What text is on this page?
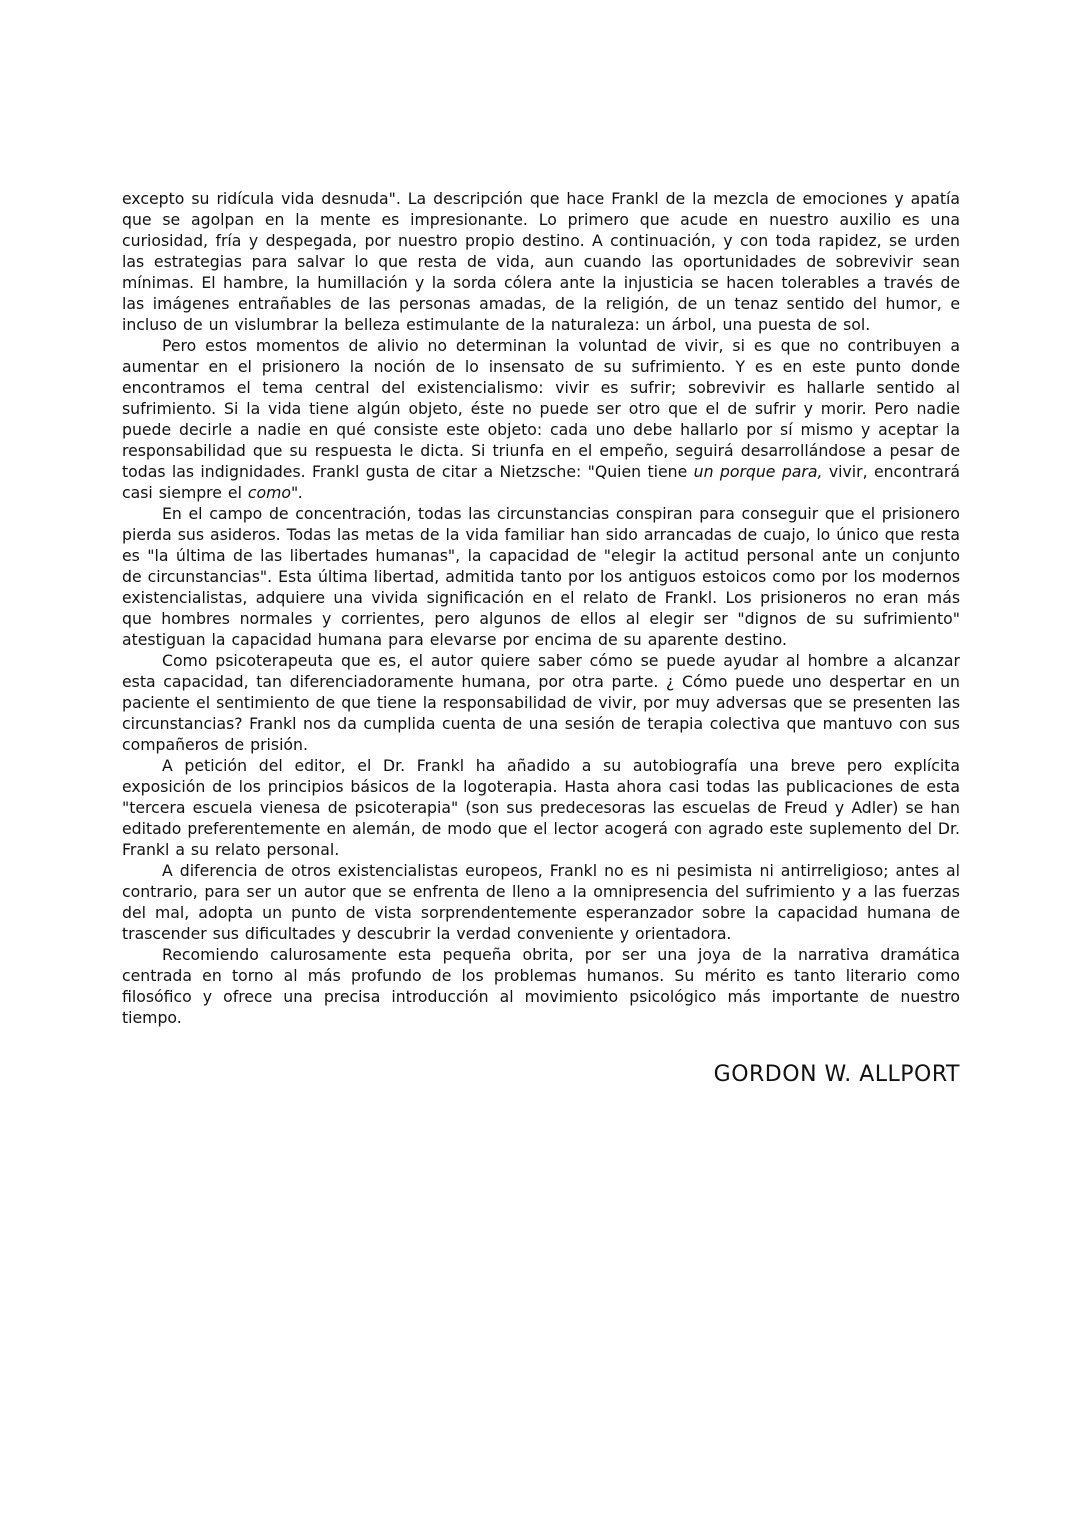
excepto su ridícula vida desnuda". La descripción que hace Frankl de la mezcla de emociones y apatía que se agolpan en la mente es impresionante. Lo primero que acude en nuestro auxilio es una curiosidad, fría y despegada, por nuestro propio destino. A continuación, y con toda rapidez, se urden las estrategias para salvar lo que resta de vida, aun cuando las oportunidades de sobrevivir sean mínimas. El hambre, la humillación y la sorda cólera ante la injusticia se hacen tolerables a través de las imágenes entrañables de las personas amadas, de la religión, de un tenaz sentido del humor, e incluso de un vislumbrar la belleza estimulante de la naturaleza: un árbol, una puesta de sol.

Pero estos momentos de alivio no determinan la voluntad de vivir, si es que no contribuyen a aumentar en el prisionero la noción de lo insensato de su sufrimiento. Y es en este punto donde encontramos el tema central del existencialismo: vivir es sufrir; sobrevivir es hallarle sentido al sufrimiento. Si la vida tiene algún objeto, éste no puede ser otro que el de sufrir y morir. Pero nadie puede decirle a nadie en qué consiste este objeto: cada uno debe hallarlo por sí mismo y aceptar la responsabilidad que su respuesta le dicta. Si triunfa en el empeño, seguirá desarrollándose a pesar de todas las indignidades. Frankl gusta de citar a Nietzsche: "Quien tiene un porque para, vivir, encontrará casi siempre el como".

En el campo de concentración, todas las circunstancias conspiran para conseguir que el prisionero pierda sus asideros. Todas las metas de la vida familiar han sido arrancadas de cuajo, lo único que resta es "la última de las libertades humanas", la capacidad de "elegir la actitud personal ante un conjunto de circunstancias". Esta última libertad, admitida tanto por los antiguos estoicos como por los modernos existencialistas, adquiere una vivida significación en el relato de Frankl. Los prisioneros no eran más que hombres normales y corrientes, pero algunos de ellos al elegir ser "dignos de su sufrimiento" atestiguan la capacidad humana para elevarse por encima de su aparente destino.

Como psicoterapeuta que es, el autor quiere saber cómo se puede ayudar al hombre a alcanzar esta capacidad, tan diferenciadoramente humana, por otra parte. ¿ Cómo puede uno despertar en un paciente el sentimiento de que tiene la responsabilidad de vivir, por muy adversas que se presenten las circunstancias? Frankl nos da cumplida cuenta de una sesión de terapia colectiva que mantuvo con sus compañeros de prisión.

A petición del editor, el Dr. Frankl ha añadido a su autobiografía una breve pero explícita exposición de los principios básicos de la logoterapia. Hasta ahora casi todas las publicaciones de esta "tercera escuela vienesa de psicoterapia" (son sus predecesoras las escuelas de Freud y Adler) se han editado preferentemente en alemán, de modo que el lector acogerá con agrado este suplemento del Dr. Frankl a su relato personal.

A diferencia de otros existencialistas europeos, Frankl no es ni pesimista ni antirreligioso; antes al contrario, para ser un autor que se enfrenta de lleno a la omnipresencia del sufrimiento y a las fuerzas del mal, adopta un punto de vista sorprendentemente esperanzador sobre la capacidad humana de trascender sus dificultades y descubrir la verdad conveniente y orientadora.

Recomiendo calurosamente esta pequeña obrita, por ser una joya de la narrativa dramática centrada en torno al más profundo de los problemas humanos. Su mérito es tanto literario como filosófico y ofrece una precisa introducción al movimiento psicológico más importante de nuestro tiempo.

GORDON W. ALLPORT
